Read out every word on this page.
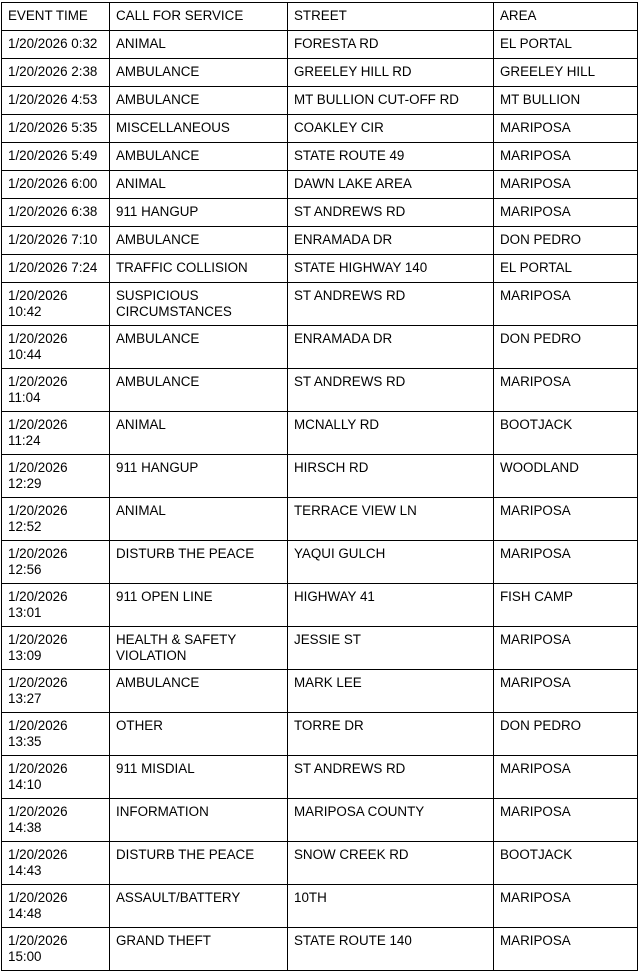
EVENT TIME	CALL FOR SERVICE	STREET	AREA
1/20/2026 0:32	ANIMAL	FORESTA RD	EL PORTAL
1/20/2026 2:38	AMBULANCE	GREELEY HILL RD	GREELEY HILL
1/20/2026 4:53	AMBULANCE	MT BULLION CUT-OFF RD	MT BULLION
1/20/2026 5:35	MISCELLANEOUS	COAKLEY CIR	MARIPOSA
1/20/2026 5:49	AMBULANCE	STATE ROUTE 49	MARIPOSA
1/20/2026 6:00	ANIMAL	DAWN LAKE AREA	MARIPOSA
1/20/2026 6:38	911 HANGUP	ST ANDREWS RD	MARIPOSA
1/20/2026 7:10	AMBULANCE	ENRAMADA DR	DON PEDRO
1/20/2026 7:24	TRAFFIC COLLISION	STATE HIGHWAY 140	EL PORTAL
1/20/2026 10:42	SUSPICIOUS CIRCUMSTANCES	ST ANDREWS RD	MARIPOSA
1/20/2026 10:44	AMBULANCE	ENRAMADA DR	DON PEDRO
1/20/2026 11:04	AMBULANCE	ST ANDREWS RD	MARIPOSA
1/20/2026 11:24	ANIMAL	MCNALLY RD	BOOTJACK
1/20/2026 12:29	911 HANGUP	HIRSCH RD	WOODLAND
1/20/2026 12:52	ANIMAL	TERRACE VIEW LN	MARIPOSA
1/20/2026 12:56	DISTURB THE PEACE	YAQUI GULCH	MARIPOSA
1/20/2026 13:01	911 OPEN LINE	HIGHWAY 41	FISH CAMP
1/20/2026 13:09	HEALTH & SAFETY VIOLATION	JESSIE ST	MARIPOSA
1/20/2026 13:27	AMBULANCE	MARK LEE	MARIPOSA
1/20/2026 13:35	OTHER	TORRE DR	DON PEDRO
1/20/2026 14:10	911 MISDIAL	ST ANDREWS RD	MARIPOSA
1/20/2026 14:38	INFORMATION	MARIPOSA COUNTY	MARIPOSA
1/20/2026 14:43	DISTURB THE PEACE	SNOW CREEK RD	BOOTJACK
1/20/2026 14:48	ASSAULT/BATTERY	10TH	MARIPOSA
1/20/2026 15:00	GRAND THEFT	STATE ROUTE 140	MARIPOSA
